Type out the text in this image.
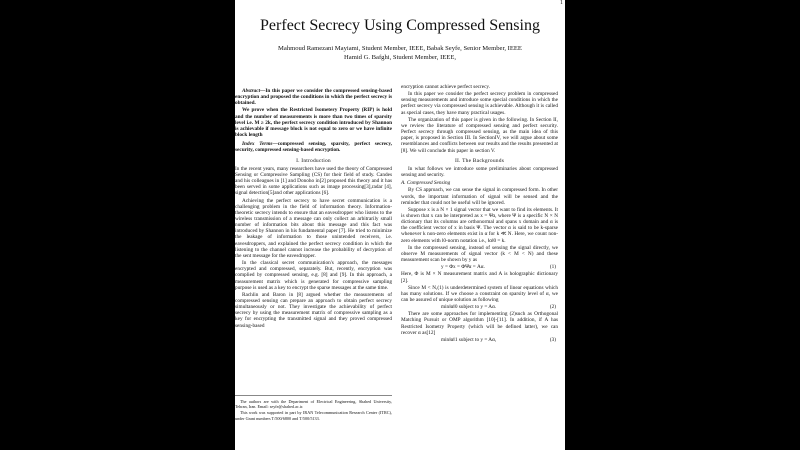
1
Perfect Secrecy Using Compressed Sensing
Mahmoud Ramezani Mayiami, Student Member, IEEE, Babak Seyfe, Senior Member, IEEE
Hamid G. Bafghi, Student Member, IEEE,

Abstract—In this paper we consider the compressed sensing-based encryption and proposed the conditions in which the perfect secrecy is obtained.

We prove when the Restricted Isometery Property (RIP) is hold and the number of measurements is more than two times of sparsity level i.e. M ≥ 2k, the perfect secrecy condition introduced by Shannon is achievable if message block is not equal to zero or we have infinite block length

Index Terms—compressed sensing, sparsity, perfect secrecy, security, compressed sensing-based encryption.

I. Introduction

In the recent years, many researchers have used the theory of Compressed Sensing or Compressive Sampling (CS) for their field of study. Candes and his colleagues in [1] and Donoho in[2] proposed this theory and it has been served in some applications such as image processing[3],radar [4], signal detection[5]and other applications [6].

Achieving the perfect secrecy to have secret communication is a challenging problem in the field of information theory. Information-theoretic secrecy intends to ensure that an eavesdropper who listens to the wireless transmission of a message can only collect an arbitrarily small number of information bits about this message and this fact was introduced by Shannon in his fundamental paper [7]. He tried to minimize the leakage of information to those unintended receivers, i.e. eavesdroppers, and explained the perfect secrecy condition in which the listening to the channel cannot increase the probability of decryption of the sent message for the eavesdropper.

In the classical secret communication's approach, the messages encrypted and compressed, separately. But, recently, encryption was complied by compressed sensing, e.g. [8] and [9]. In this approach, a measurement matrix which is generated for compressive sampling purpose is used as a key to encrypt the sparse messages at the same time.

Rachlin and Baron in [8] argued whether the measurements of compressed sensing can prepare an approach to obtain perfect secrecy simultaneously or not. They investigate the achievability of perfect secrecy by using the measurement matrix of compressive sampling as a key for encrypting the transmitted signal and they proved compressed sensing-based

The authors are with the Department of Electrical Engineering, Shahed University, Tehran, Iran. Email: seyfe@shahed.ac.ir.

This work was supported in part by IRAN Telecommunication Research Center (ITRC), under Grant numbers T/500/6800 and T/500/5133.

encryption cannot achieve perfect secrecy.

In this paper we consider the perfect secrecy problem in compressed sensing measurements and introduce some special conditions in which the perfect secrecy via compressed sensing is achievable. Although it is called as special cases, they have many practical usages.

The organization of this paper is given in the following. In Section II, we review the literature of compressed sensing and perfect security. Perfect secrecy through compressed sensing, as the main idea of this paper, is proposed in Section III. In SectionIV, we will argue about some resemblances and conflicts between our results and the results presented at [8]. We will conclude this paper in section V.

II. The Backgrounds

In what follows we introduce some preliminaries about compressed sensing and security.

A. Compressed Sensing

By CS approach, we can sense the signal in compressed form. In other words, the important information of signal will be sensed and the reminder that could not be useful will be ignored.

Suppose x is a N × 1 signal vector that we want to find its elements. It is shown that x can be interpreted as x = Ψα, where Ψ is a specific N × N dictionary that its columns are orthonormal and spans x domain and α is the coefficient vector of x in basis Ψ. The vector α is said to be k-sparse whenever k non-zero elements exist in α for k ≪ N. Here, we count non-zero elements with l0-norm notation i.e., ‖α‖0 = k.

In the compressed sensing, instead of sensing the signal directly, we observe M measurements of signal vector (k < M < N) and these measurement scan be shown by y as

y = Φx = ΦΨα = Aα.	(1)

Here, Φ is M × N measurement matrix and A is holographic dictionary [2].

Since M < N,(1) is underdetermined system of linear equations which has many solutions. If we choose a constraint on sparsity level of α, we can be assured of unique solution as following

min‖α‖0 subject to y = Aα.	(2)

There are some approaches for implementing (2)such as Orthogonal Matching Pursuit or OMP algorithm [10]-[11]. In addition, if A has Restricted Isometry Property (which will be defined latter), we can recover α as[12]

min‖α‖1 subject to y = Aα,	(3)
